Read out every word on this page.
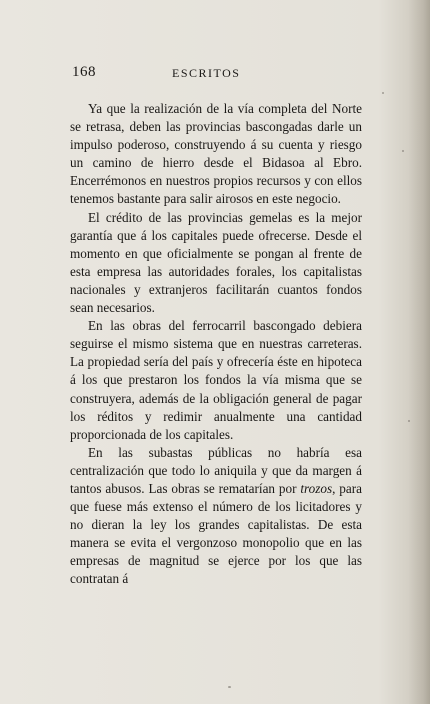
168	ESCRITOS

Ya que la realización de la vía completa del Norte se retrasa, deben las provincias bascongadas darle un impulso poderoso, construyendo á su cuenta y riesgo un camino de hierro desde el Bidasoa al Ebro. Encerrémonos en nuestros propios recursos y con ellos tenemos bastante para salir airosos en este negocio.

El crédito de las provincias gemelas es la mejor garantía que á los capitales puede ofrecerse. Desde el momento en que oficialmente se pongan al frente de esta empresa las autoridades forales, los capitalistas nacionales y extranjeros facilitarán cuantos fondos sean necesarios.

En las obras del ferrocarril bascongado debiera seguirse el mismo sistema que en nuestras carreteras. La propiedad sería del país y ofrecería éste en hipoteca á los que prestaron los fondos la vía misma que se construyera, además de la obligación general de pagar los réditos y redimir anualmente una cantidad proporcionada de los capitales.

En las subastas públicas no habría esa centralización que todo lo aniquila y que da margen á tantos abusos. Las obras se rematarían por trozos, para que fuese más extenso el número de los licitadores y no dieran la ley los grandes capitalistas. De esta manera se evita el vergonzoso monopolio que en las empresas de magnitud se ejerce por los que las contratan á
